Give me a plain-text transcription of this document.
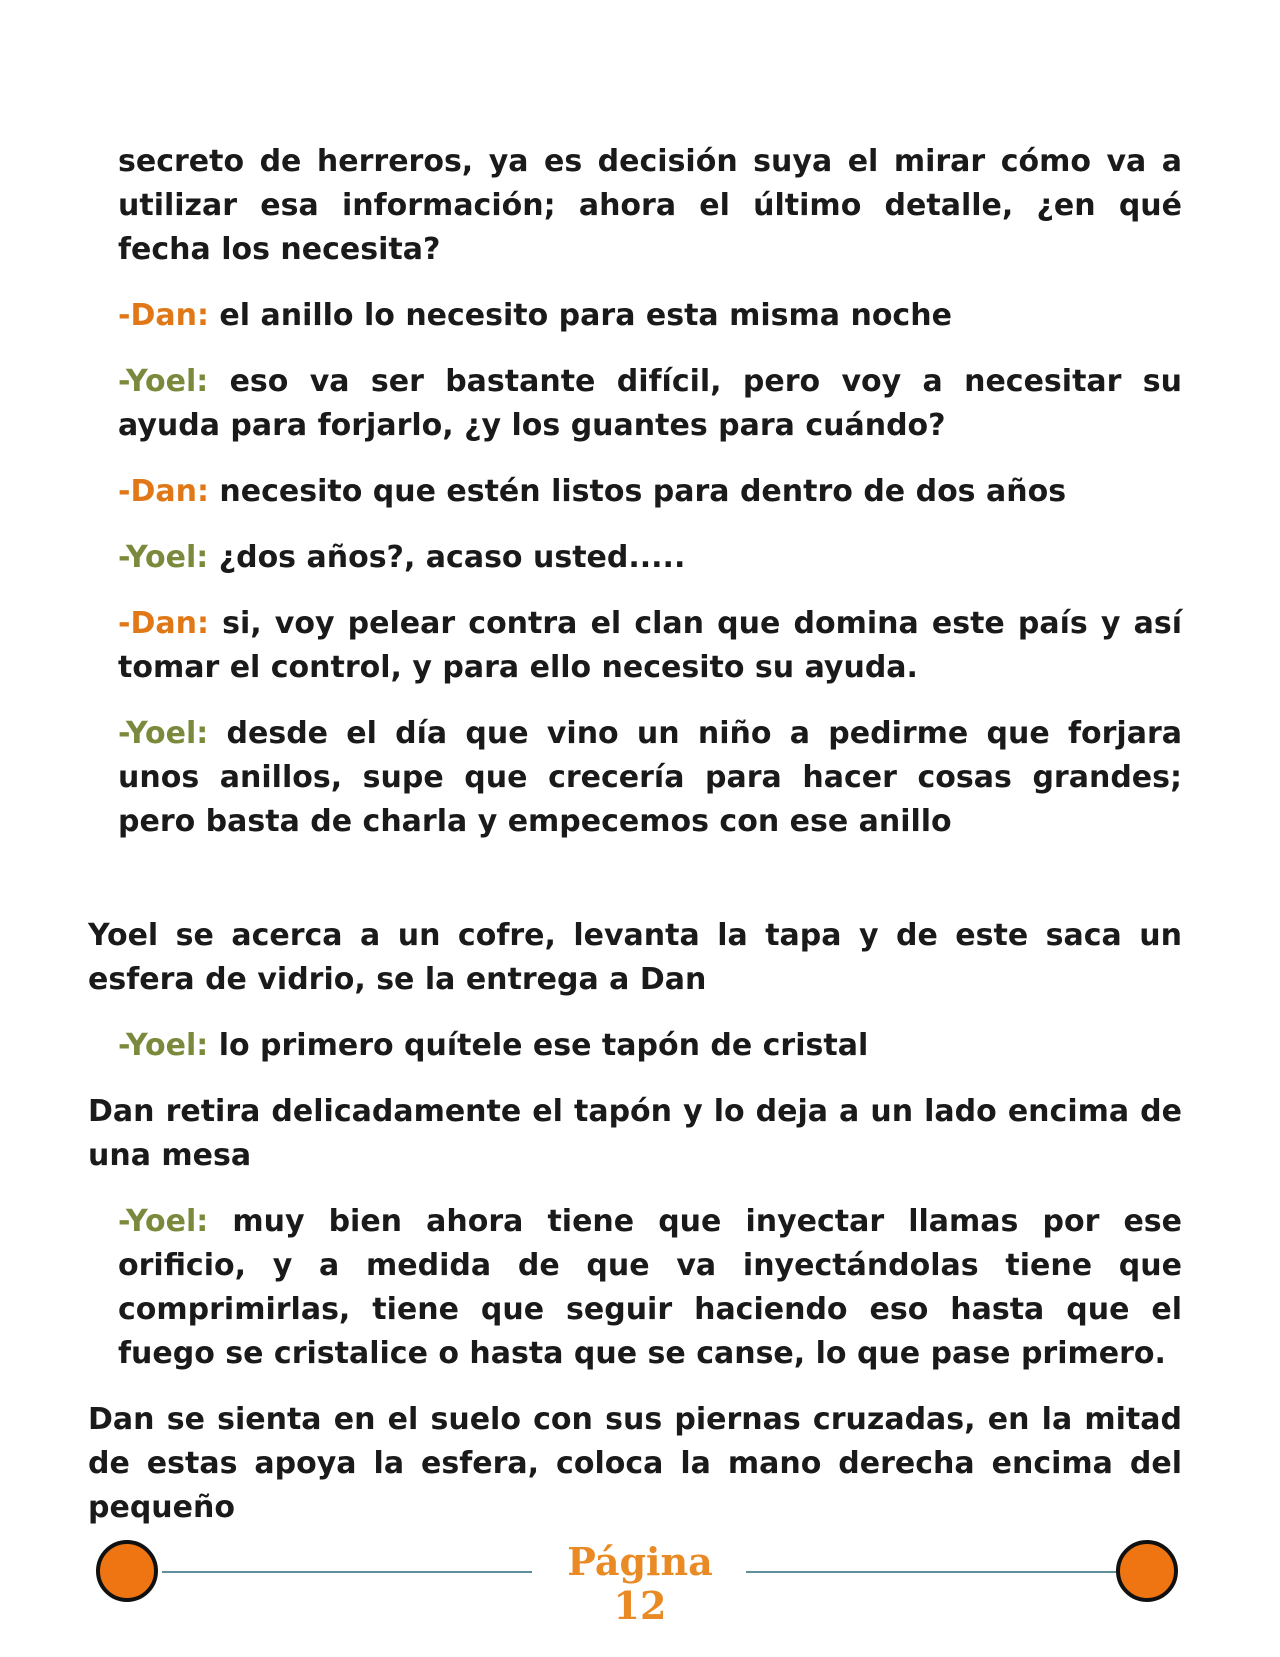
secreto de herreros, ya es decisión suya el mirar cómo va a utilizar esa información; ahora el último detalle, ¿en qué fecha los necesita?

-Dan: el anillo lo necesito para esta misma noche

-Yoel: eso va ser bastante difícil, pero voy a necesitar su ayuda para forjarlo, ¿y los guantes para cuándo?

-Dan: necesito que estén listos para dentro de dos años

-Yoel: ¿dos años?, acaso usted.....

-Dan: si, voy pelear contra el clan que domina este país y así tomar el control, y para ello necesito su ayuda.

-Yoel: desde el día que vino un niño a pedirme que forjara unos anillos, supe que crecería para hacer cosas grandes; pero basta de charla y empecemos con ese anillo

Yoel se acerca a un cofre, levanta la tapa y de este saca un esfera de vidrio, se la entrega a Dan

-Yoel: lo primero quítele ese tapón de cristal

Dan retira delicadamente el tapón y lo deja a un lado encima de una mesa

-Yoel: muy bien ahora tiene que inyectar llamas por ese orificio, y a medida de que va inyectándolas tiene que comprimirlas, tiene que seguir haciendo eso hasta que el fuego se cristalice o hasta que se canse, lo que pase primero.

Dan se sienta en el suelo con sus piernas cruzadas, en la mitad de estas apoya la esfera, coloca la mano derecha encima del pequeño

Página
12
